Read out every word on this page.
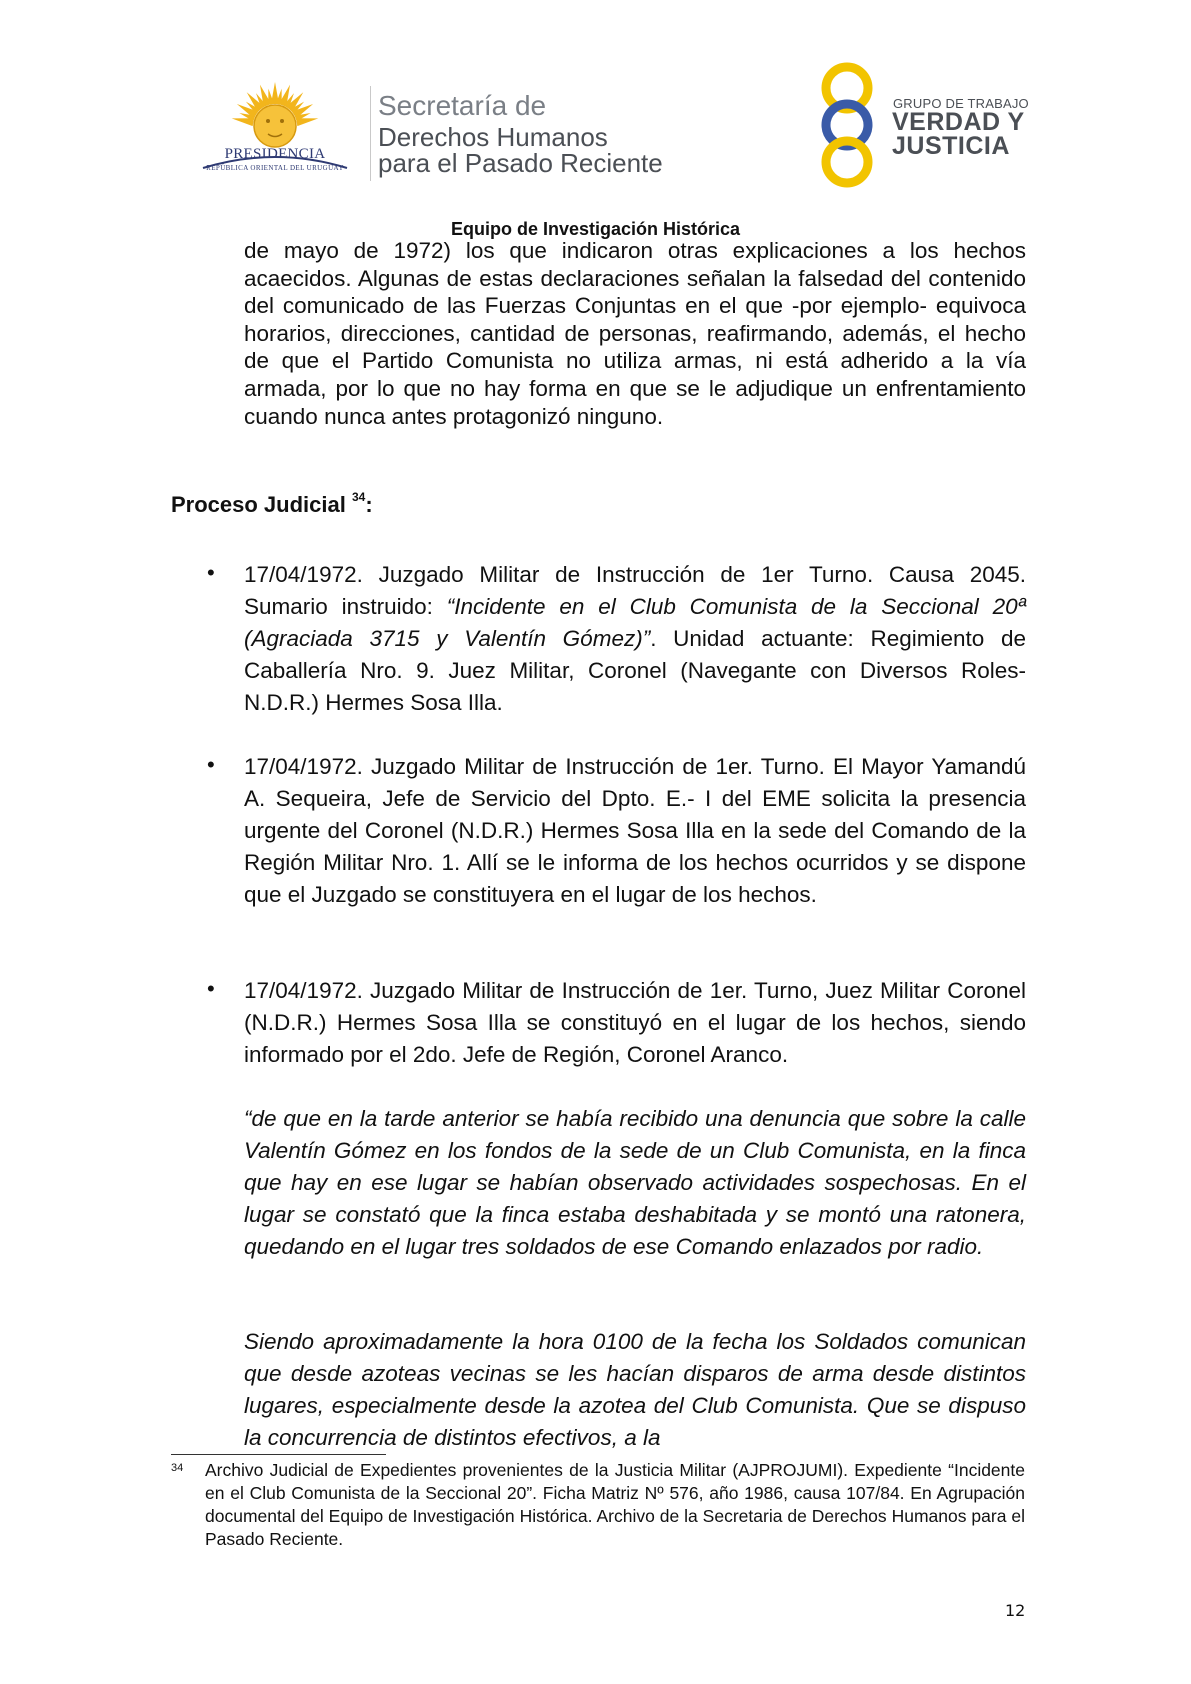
PRESIDENCIA
REPÚBLICA ORIENTAL DEL URUGUAY
Secretaría de
Derechos Humanos
para el Pasado Reciente
GRUPO DE TRABAJO
VERDAD Y
JUSTICIA
Equipo de Investigación Histórica
de mayo de 1972) los que indicaron otras explicaciones a los hechos acaecidos. Algunas de estas declaraciones señalan la falsedad del contenido del comunicado de las Fuerzas Conjuntas en el que -por ejemplo- equivoca horarios, direcciones, cantidad de personas, reafirmando, además, el hecho de que el Partido Comunista no utiliza armas, ni está adherido a la vía armada, por lo que no hay forma en que se le adjudique un enfrentamiento cuando nunca antes protagonizó ninguno.
Proceso Judicial $^{34}$:
• 17/04/1972. Juzgado Militar de Instrucción de 1er Turno. Causa 2045. Sumario instruido: “Incidente en el Club Comunista de la Seccional 20ª (Agraciada 3715 y Valentín Gómez)”. Unidad actuante: Regimiento de Caballería Nro. 9. Juez Militar, Coronel (Navegante con Diversos Roles- N.D.R.) Hermes Sosa Illa.
• 17/04/1972. Juzgado Militar de Instrucción de 1er. Turno. El Mayor Yamandú A. Sequeira, Jefe de Servicio del Dpto. E.- I del EME solicita la presencia urgente del Coronel (N.D.R.) Hermes Sosa Illa en la sede del Comando de la Región Militar Nro. 1. Allí se le informa de los hechos ocurridos y se dispone que el Juzgado se constituyera en el lugar de los hechos.
• 17/04/1972. Juzgado Militar de Instrucción de 1er. Turno, Juez Militar Coronel (N.D.R.) Hermes Sosa Illa se constituyó en el lugar de los hechos, siendo informado por el 2do. Jefe de Región, Coronel Aranco.
“de que en la tarde anterior se había recibido una denuncia que sobre la calle Valentín Gómez en los fondos de la sede de un Club Comunista, en la finca que hay en ese lugar se habían observado actividades sospechosas. En el lugar se constató que la finca estaba deshabitada y se montó una ratonera, quedando en el lugar tres soldados de ese Comando enlazados por radio.
Siendo aproximadamente la hora 0100 de la fecha los Soldados comunican que desde azoteas vecinas se les hacían disparos de arma desde distintos lugares, especialmente desde la azotea del Club Comunista. Que se dispuso la concurrencia de distintos efectivos, a la
34 Archivo Judicial de Expedientes provenientes de la Justicia Militar (AJPROJUMI). Expediente “Incidente en el Club Comunista de la Seccional 20”. Ficha Matriz Nº 576, año 1986, causa 107/84. En Agrupación documental del Equipo de Investigación Histórica. Archivo de la Secretaria de Derechos Humanos para el Pasado Reciente.
12
